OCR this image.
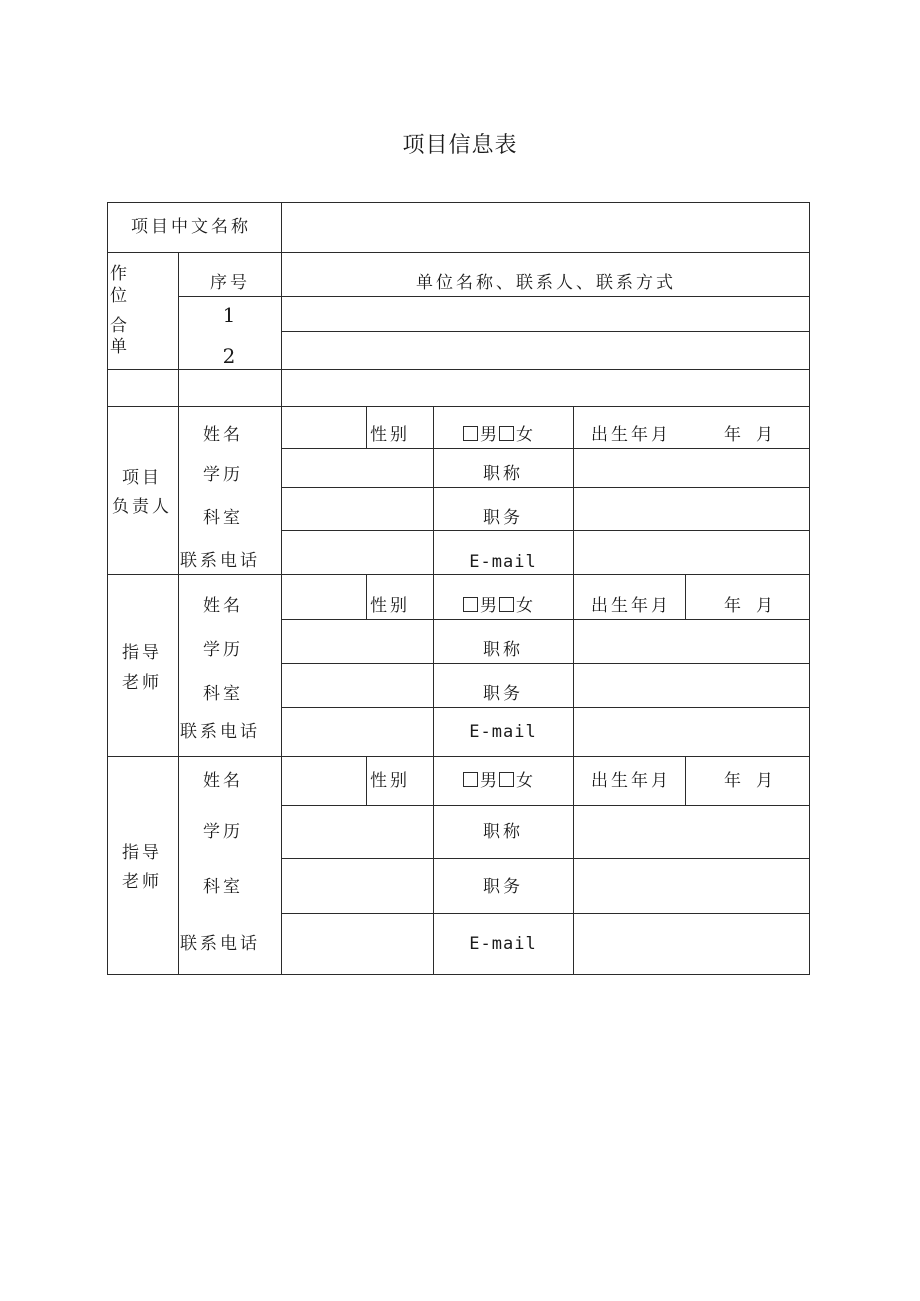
项目信息表
项目中文名称
作
位
合
单
序号	单位名称、联系人、联系方式
1
2
项目
负责人
姓名	性别	男 女	出生年月	年 月
学历	职称
科室	职务
联系电话	E-mail
指导
老师
姓名	性别	男 女	出生年月	年 月
学历	职称
科室	职务
联系电话	E-mail
指导
老师
姓名	性别	男 女	出生年月	年 月
学历	职称
科室	职务
联系电话	E-mail
